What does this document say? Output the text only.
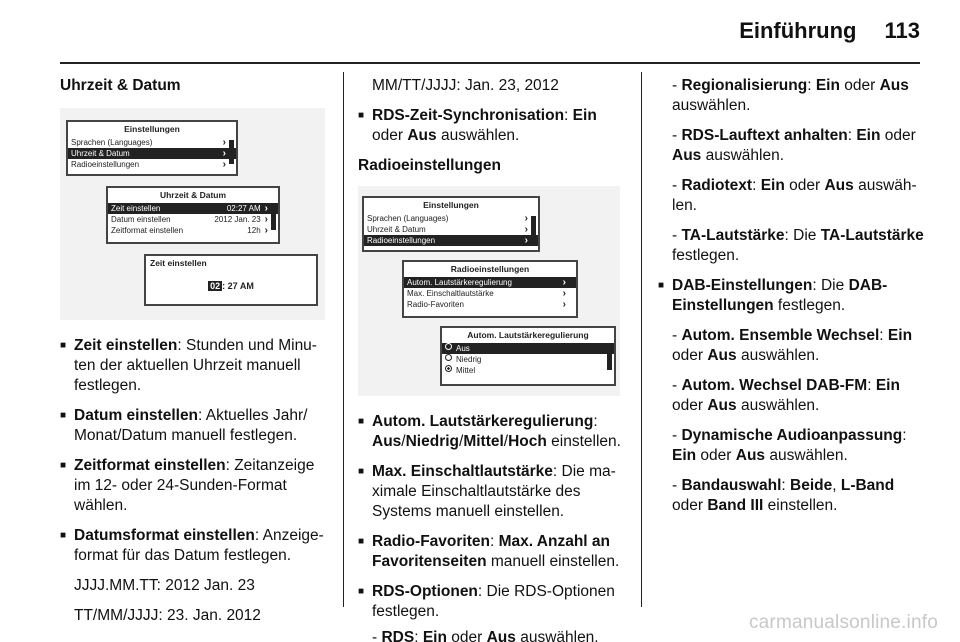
Einführung 113
Uhrzeit & Datum
Einstellungen
Sprachen (Languages)
›
Uhrzeit & Datum
›
Radioeinstellungen
›
Uhrzeit & Datum
Zeit einstellen	02:27 AM
›
Datum einstellen	2012 Jan. 23
›
Zeitformat einstellen	12h
›
Zeit einstellen
02 : 27 AM
■ Zeit einstellen: Stunden und Minu-ten der aktuellen Uhrzeit manuell festlegen.
■ Datum einstellen: Aktuelles Jahr/ Monat/Datum manuell festlegen.
■ Zeitformat einstellen: Zeitanzeige im 12- oder 24-Sunden-Format wählen.
■ Datumsformat einstellen: Anzeige-format für das Datum festlegen.
JJJJ.MM.TT: 2012 Jan. 23
TT/MM/JJJJ: 23. Jan. 2012
MM/TT/JJJJ: Jan. 23, 2012
■ RDS-Zeit-Synchronisation: Ein oder Aus auswählen.
Radioeinstellungen
Einstellungen
Sprachen (Languages)
›
Uhrzeit & Datum
›
Radioeinstellungen
›
Radioeinstellungen
Autom. Lautstärkeregulierung
›
Max. Einschaltlautstärke
›
Radio-Favoriten
›
Autom. Lautstärkeregulierung
Aus
Niedrig
Mittel
■ Autom. Lautstärkeregulierung:
Aus/Niedrig/Mittel/Hoch einstellen.
■ Max. Einschaltlautstärke: Die ma-ximale Einschaltlautstärke des Systems manuell einstellen.
■ Radio-Favoriten: Max. Anzahl an Favoritenseiten manuell einstellen.
■ RDS-Optionen: Die RDS-Optionen festlegen.
- RDS: Ein oder Aus auswählen.
- Regionalisierung: Ein oder Aus auswählen.
- RDS-Lauftext anhalten: Ein oder Aus auswählen.
- Radiotext: Ein oder Aus auswäh-len.
- TA-Lautstärke: Die TA-Lautstärke festlegen.
■ DAB-Einstellungen: Die DAB-Einstellungen festlegen.
- Autom. Ensemble Wechsel: Ein oder Aus auswählen.
- Autom. Wechsel DAB-FM: Ein oder Aus auswählen.
- Dynamische Audioanpassung: Ein oder Aus auswählen.
- Bandauswahl: Beide, L-Band oder Band III einstellen.
carmanualsonline.info
